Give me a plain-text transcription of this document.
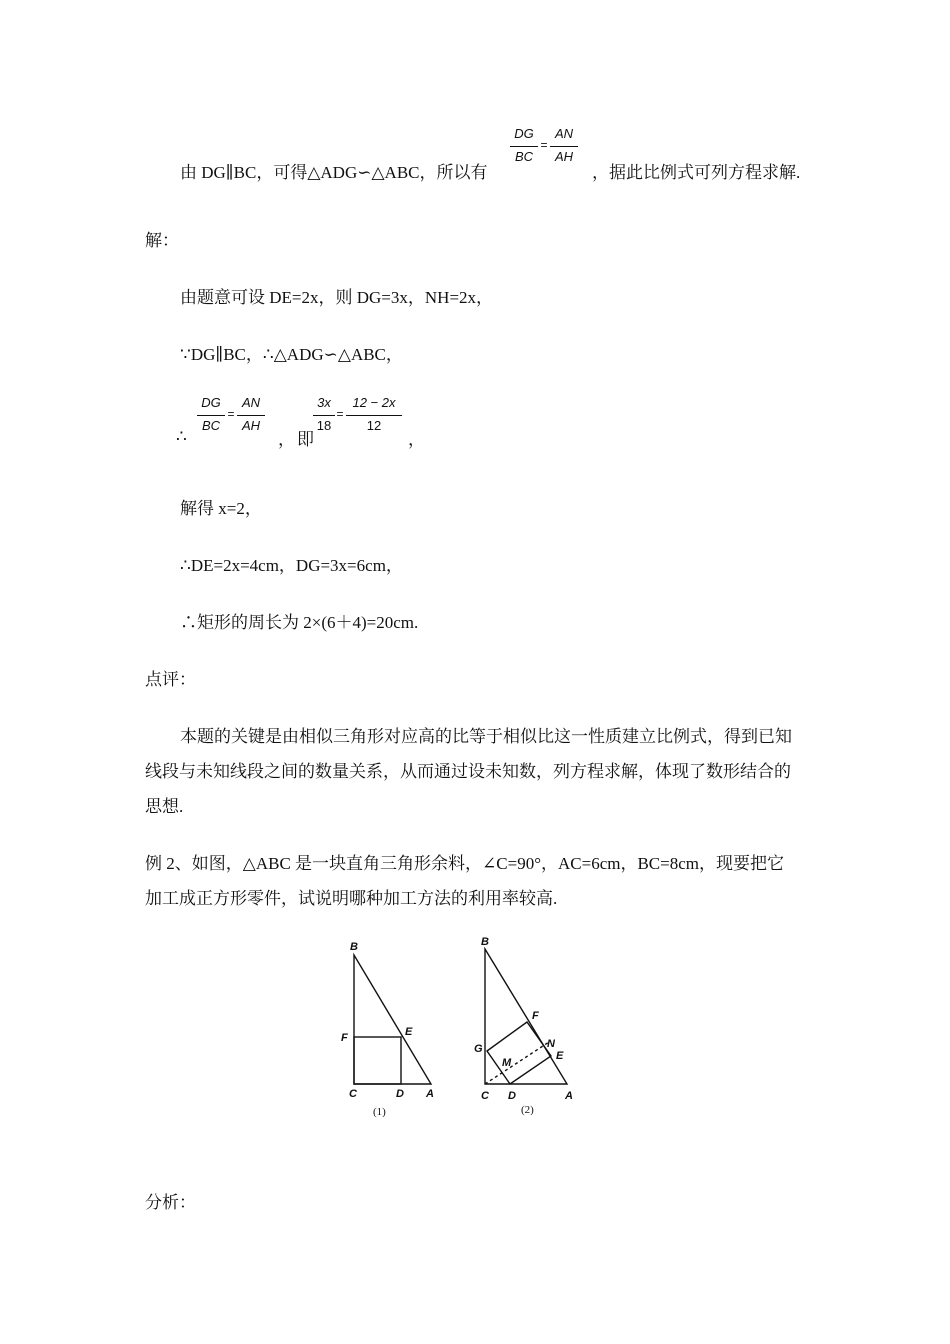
由 DG∥BC，可得△ADG∽△ABC，所以有
DG
BC
=
AN
AH
，据此比例式可列方程求解.
解：
由题意可设 DE=2x，则 DG=3x，NH=2x，
∵DG∥BC，∴△ADG∽△ABC，
∴
DG
BC
=
AN
AH
， 即
3x
18
=
12 − 2x
12
，
解得 x=2，
∴DE=2x=4cm，DG=3x=6cm，
∴矩形的周长为 2×(6＋4)=20cm.
点评：
本题的关键是由相似三角形对应高的比等于相似比这一性质建立比例式，得到已知
线段与未知线段之间的数量关系，从而通过设未知数，列方程求解，体现了数形结合的
思想.
例 2、如图，△ABC 是一块直角三角形余料，∠C=90°，AC=6cm，BC=8cm，现要把它
加工成正方形零件，试说明哪种加工方法的利用率较高.
B
F	E
C	D A
B
F
G	N
M
E
C D	A
(1)	(2)
分析：
